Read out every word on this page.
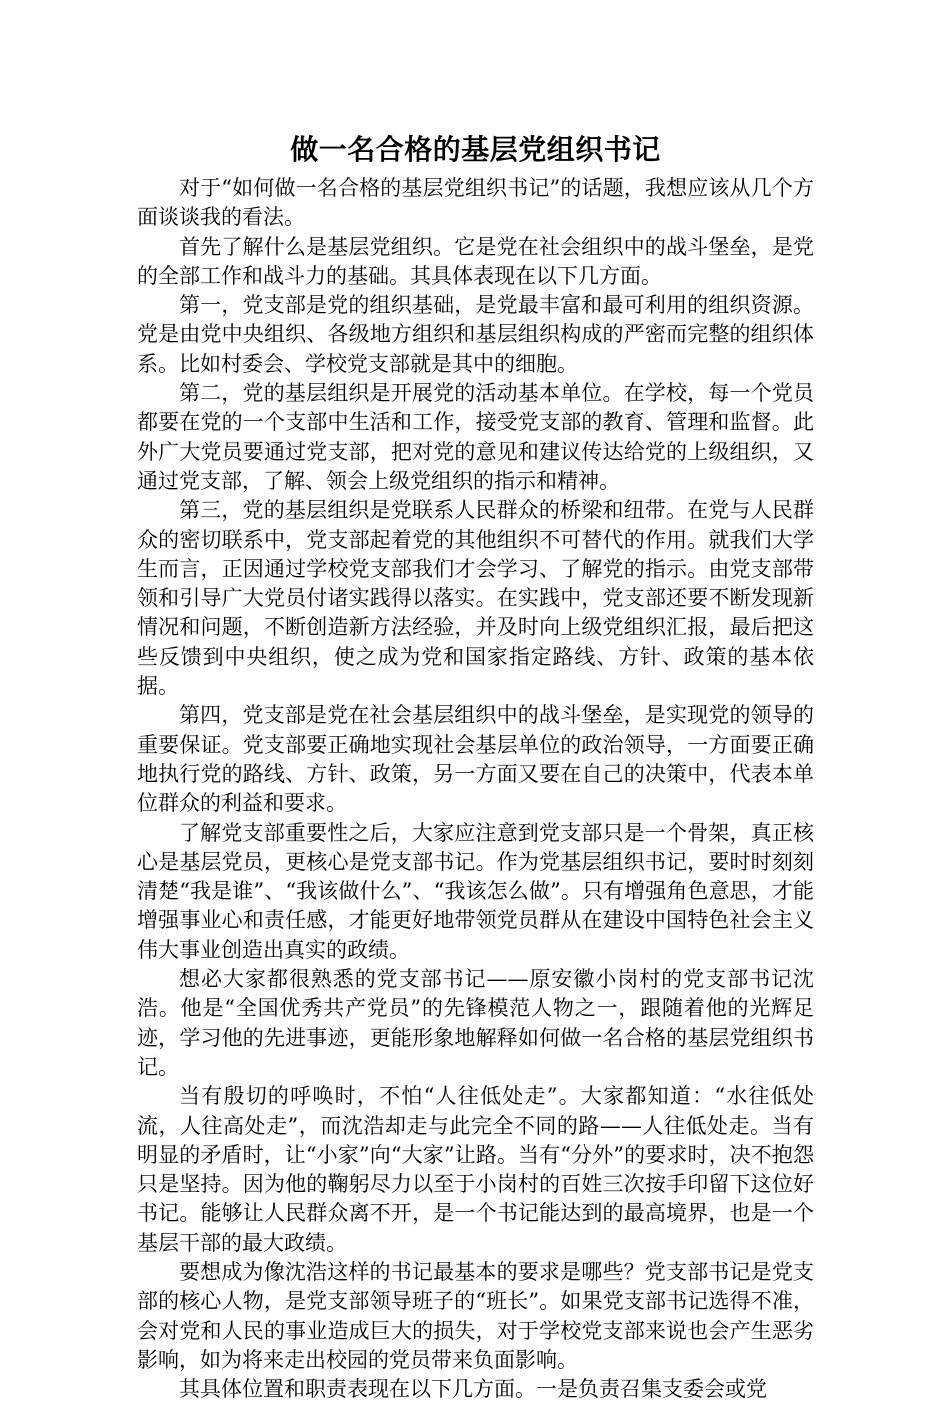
做一名合格的基层党组织书记

对于“如何做一名合格的基层党组织书记”的话题，我想应该从几个方面谈谈我的看法。

首先了解什么是基层党组织。它是党在社会组织中的战斗堡垒，是党的全部工作和战斗力的基础。其具体表现在以下几方面。

第一，党支部是党的组织基础，是党最丰富和最可利用的组织资源。党是由党中央组织、各级地方组织和基层组织构成的严密而完整的组织体系。比如村委会、学校党支部就是其中的细胞。

第二，党的基层组织是开展党的活动基本单位。在学校，每一个党员都要在党的一个支部中生活和工作，接受党支部的教育、管理和监督。此外广大党员要通过党支部，把对党的意见和建议传达给党的上级组织，又通过党支部，了解、领会上级党组织的指示和精神。

第三，党的基层组织是党联系人民群众的桥梁和纽带。在党与人民群众的密切联系中，党支部起着党的其他组织不可替代的作用。就我们大学生而言，正因通过学校党支部我们才会学习、了解党的指示。由党支部带领和引导广大党员付诸实践得以落实。在实践中，党支部还要不断发现新情况和问题，不断创造新方法经验，并及时向上级党组织汇报，最后把这些反馈到中央组织，使之成为党和国家指定路线、方针、政策的基本依据。

第四，党支部是党在社会基层组织中的战斗堡垒，是实现党的领导的重要保证。党支部要正确地实现社会基层单位的政治领导，一方面要正确地执行党的路线、方针、政策，另一方面又要在自己的决策中，代表本单位群众的利益和要求。

了解党支部重要性之后，大家应注意到党支部只是一个骨架，真正核心是基层党员，更核心是党支部书记。作为党基层组织书记，要时时刻刻清楚“我是谁”、“我该做什么”、“我该怎么做”。只有增强角色意思，才能增强事业心和责任感，才能更好地带领党员群从在建设中国特色社会主义伟大事业创造出真实的政绩。

想必大家都很熟悉的党支部书记——原安徽小岗村的党支部书记沈浩。他是“全国优秀共产党员”的先锋模范人物之一，跟随着他的光辉足迹，学习他的先进事迹，更能形象地解释如何做一名合格的基层党组织书记。

当有殷切的呼唤时，不怕“人往低处走”。大家都知道：“水往低处流，人往高处走”，而沈浩却走与此完全不同的路——人往低处走。当有明显的矛盾时，让“小家”向“大家”让路。当有“分外”的要求时，决不抱怨只是坚持。因为他的鞠躬尽力以至于小岗村的百姓三次按手印留下这位好书记。能够让人民群众离不开，是一个书记能达到的最高境界，也是一个基层干部的最大政绩。

要想成为像沈浩这样的书记最基本的要求是哪些？党支部书记是党支部的核心人物，是党支部领导班子的“班长”。如果党支部书记选得不准，会对党和人民的事业造成巨大的损失，对于学校党支部来说也会产生恶劣影响，如为将来走出校园的党员带来负面影响。

其具体位置和职责表现在以下几方面。一是负责召集支委会或党
